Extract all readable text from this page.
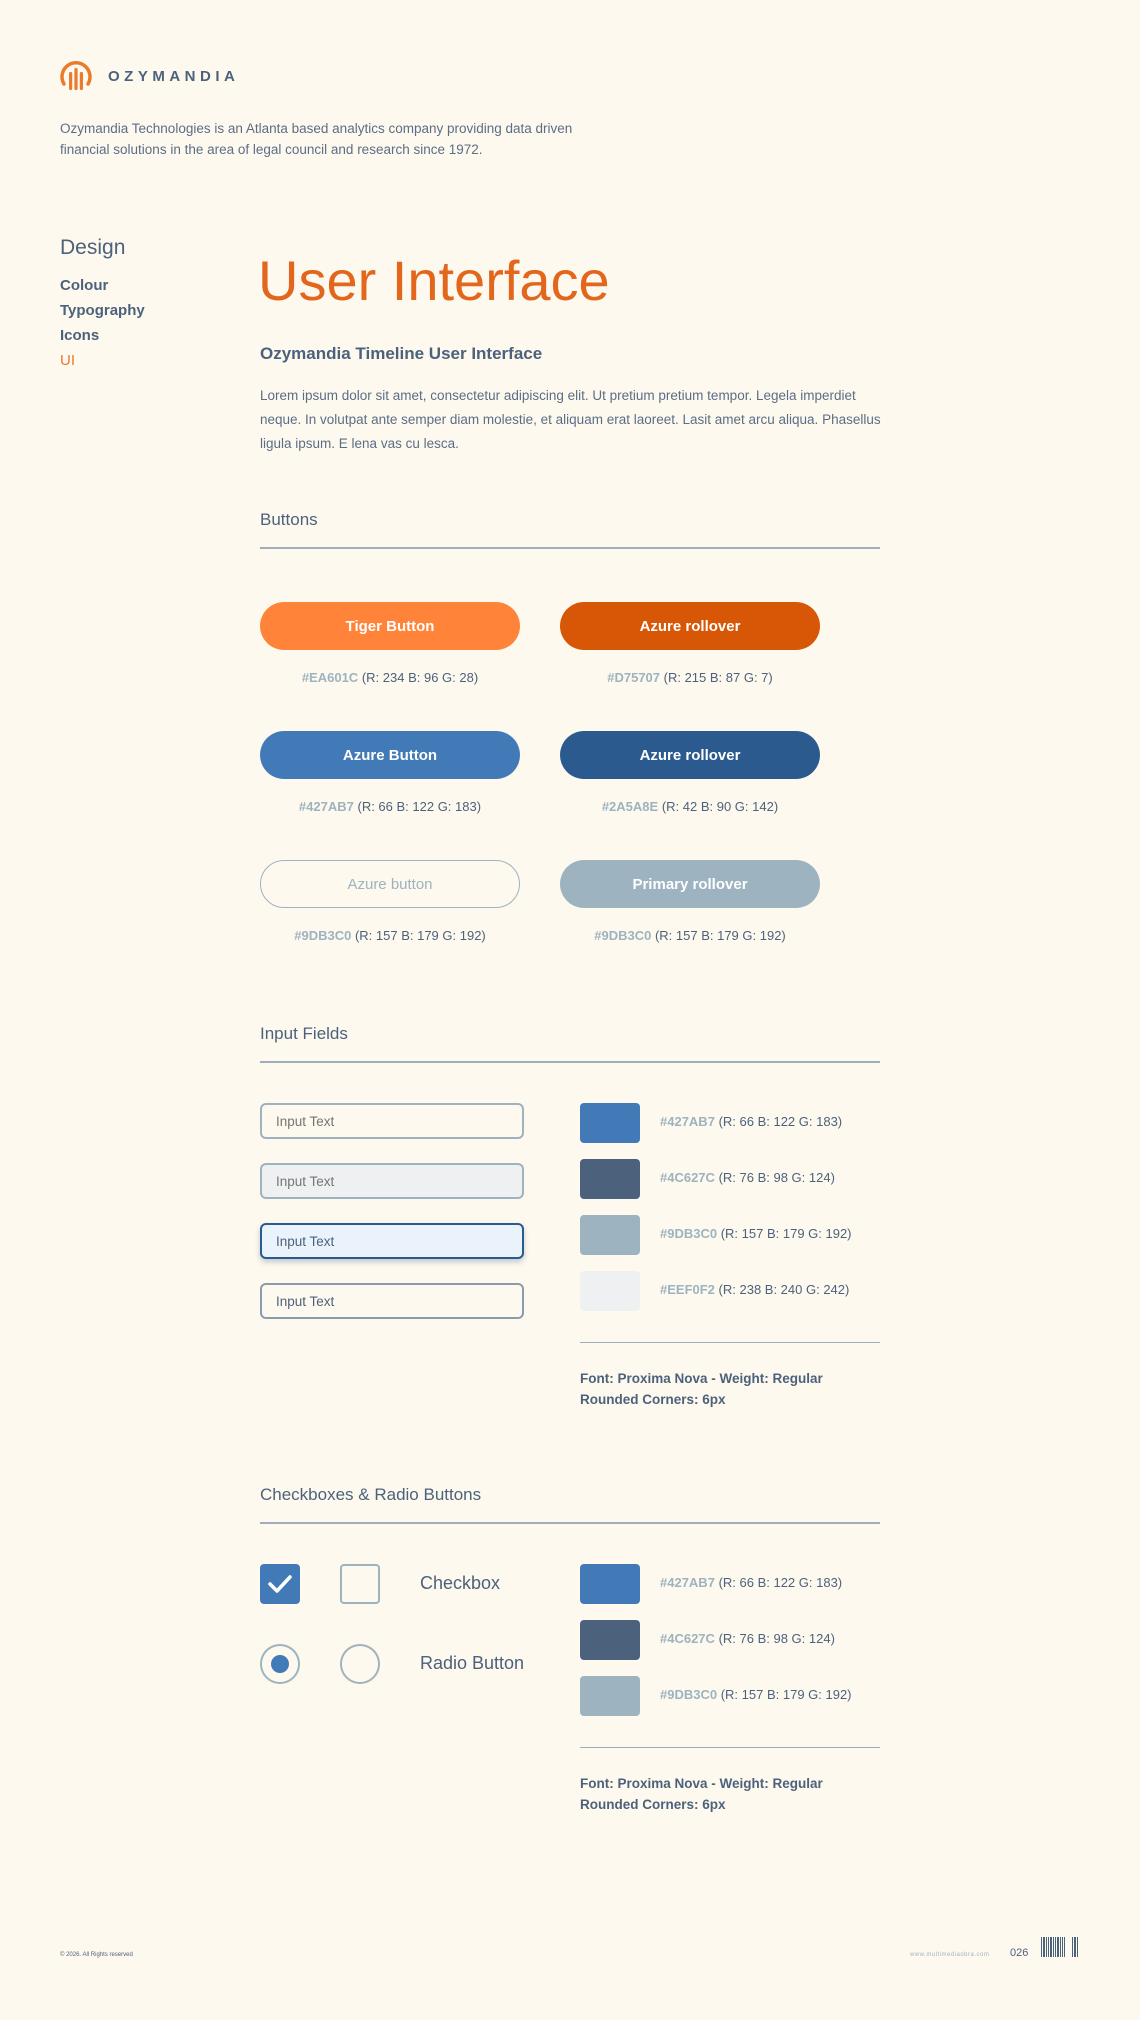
OZYMANDIA

Ozymandia Technologies is an Atlanta based analytics company providing data driven financial solutions in the area of legal council and research since 1972.

Design
Colour
Typography
Icons
UI
User Interface
Ozymandia Timeline User Interface

Lorem ipsum dolor sit amet, consectetur adipiscing elit. Ut pretium pretium tempor. Legela imperdiet neque. In volutpat ante semper diam molestie, et aliquam erat laoreet. Lasit amet arcu aliqua. Phasellus ligula ipsum. E lena vas cu lesca.

Buttons
Tiger Button
#EA601C (R: 234 B: 96 G: 28)
Azure rollover
#D75707 (R: 215 B: 87 G: 7)
Azure Button
#427AB7 (R: 66 B: 122 G: 183)
Azure rollover
#2A5A8E (R: 42 B: 90 G: 142)
Azure button
#9DB3C0 (R: 157 B: 179 G: 192)
Primary rollover
#9DB3C0 (R: 157 B: 179 G: 192)
Input Fields
Input Text
Input Text
Input Text
Input Text
#427AB7 (R: 66 B: 122 G: 183)
#4C627C (R: 76 B: 98 G: 124)
#9DB3C0 (R: 157 B: 179 G: 192)
#EEF0F2 (R: 238 B: 240 G: 242)
Font: Proxima Nova - Weight: Regular
Rounded Corners: 6px
Checkboxes & Radio Buttons
Checkbox
Radio Button
#427AB7 (R: 66 B: 122 G: 183)
#4C627C (R: 76 B: 98 G: 124)
#9DB3C0 (R: 157 B: 179 G: 192)
Font: Proxima Nova - Weight: Regular
Rounded Corners: 6px
© 2026. All Rights reserved	www.multimediaobra.com 026
